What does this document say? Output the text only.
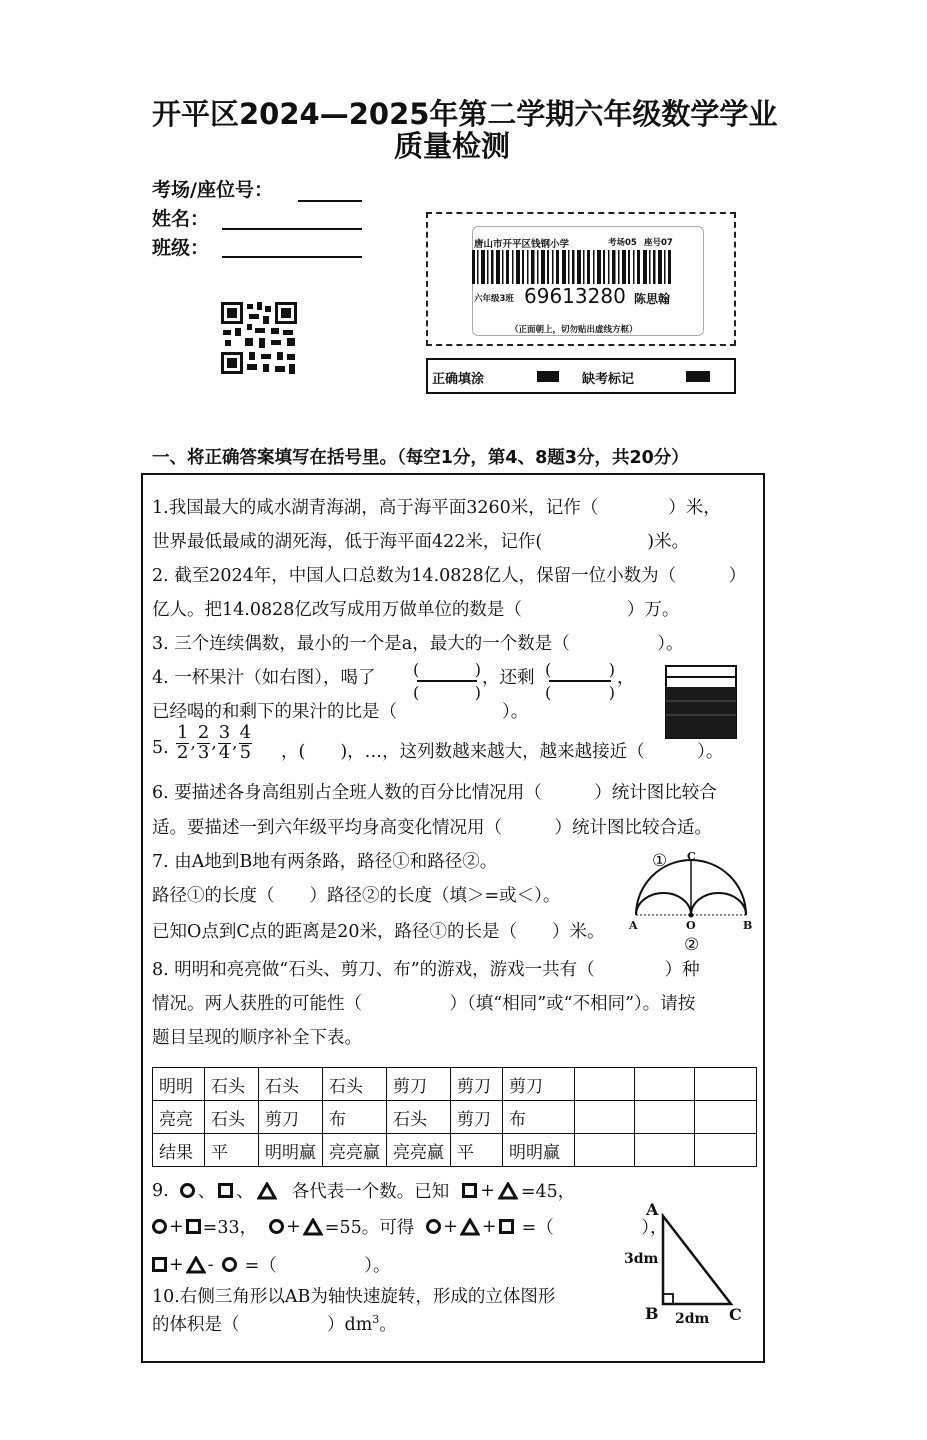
开平区2024—2025年第二学期六年级数学学业
质量检测
考场/座位号：
姓名：
班级：	唐山市开平区钱钢小学	考场05 座号07
六年级3班 69613280 陈思翰
（正面朝上，切勿贴出虚线方框）
正确填涂	缺考标记
一、将正确答案填写在括号里。（每空1分，第4、8题3分，共20分）
1.我国最大的咸水湖青海湖，高于海平面3260米，记作（　　　　）米，
世界最低最咸的湖死海，低于海平面422米，记作(　　　　　　)米。
2. 截至2024年，中国人口总数为14.0828亿人，保留一位小数为（　　　）
亿人。把14.0828亿改写成用万做单位的数是（　　　　　　）万。
3. 三个连续偶数，最小的一个是a，最大的一个数是（　　　　　）。
4. 一杯果汁（如右图），喝了 (	)
(	)
，还剩 (	)
(	)
，
已经喝的和剩下的果汁的比是（　　　　　　）。
5. $\frac{1}{2}$ , $\frac{2}{3}$ , $\frac{3}{4}$ , $\frac{4}{5}$ ，(　　)，…，这列数越来越大，越来越接近（　　　）。
6. 要描述各身高组别占全班人数的百分比情况用（　　　）统计图比较合
适。要描述一到六年级平均身高变化情况用（　　　）统计图比较合适。
7. 由A地到B地有两条路，路径①和路径②。
路径①的长度（　　）路径②的长度（填＞=或＜）。
已知O点到C点的距离是20米，路径①的长是（　　）米。
① C
A	O	B
②
8. 明明和亮亮做“石头、剪刀、布”的游戏，游戏一共有（　　　　）种
情况。两人获胜的可能性（　　　　　）（填“相同”或“不相同”）。请按
题目呈现的顺序补全下表。
明明	石头	石头	石头	剪刀	剪刀	剪刀			
亮亮	石头	剪刀	布	石头	剪刀	布			
结果	平	明明赢	亮亮赢	亮亮赢	平	明明赢			
9. 、 、 各代表一个数。已知 + =45，
+ =33， + =55。可得 + + =（　　　　　），
+ - =（　　　　　）。
10.右侧三角形以AB为轴快速旋转，形成的立体图形
的体积是（　　　　　）$dm^3$。
A
B	C
3dm
2dm
